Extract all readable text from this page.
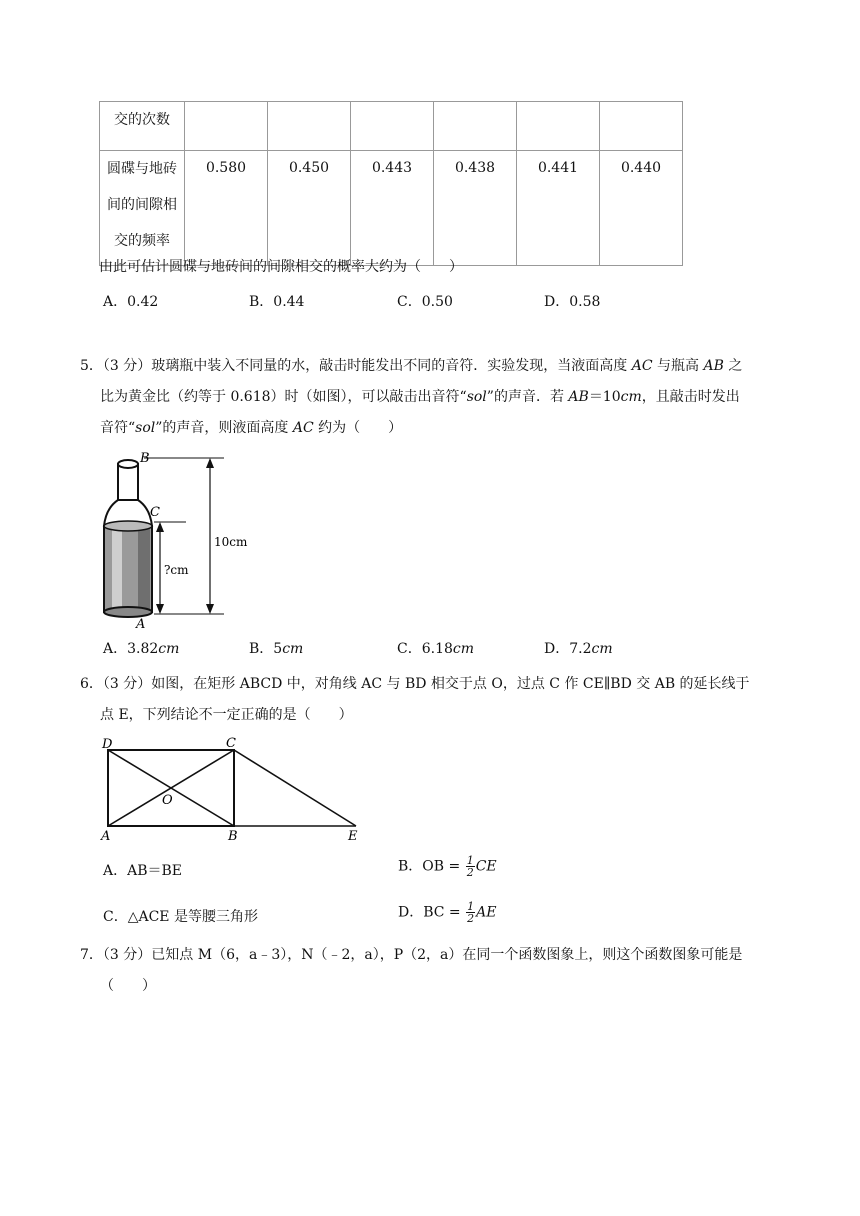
交的次数						

圆碟与地砖
间的间隙相
交的频率	0.580	0.450	0.443	0.438	0.441	0.440
由此可估计圆碟与地砖间的间隙相交的概率大约为（　　）
A．0.42	B．0.44	C．0.50	D．0.58
5．（3 分）玻璃瓶中装入不同量的水，敲击时能发出不同的音符．实验发现，当液面高度 AC 与瓶高 AB 之
比为黄金比（约等于 0.618）时（如图），可以敲击出音符“sol”的声音．若 AB＝10cm，且敲击时发出
音符“sol”的声音，则液面高度 AC 约为（　　）
B
C
A
10cm
?cm
A．3.82cm	B．5cm	C．6.18cm	D．7.2cm
6．（3 分）如图，在矩形 ABCD 中，对角线 AC 与 BD 相交于点 O，过点 C 作 CE∥BD 交 AB 的延长线于
点 E，下列结论不一定正确的是（　　）
D	C
O
A	B	E
A．AB＝BE	B．OB = $\frac{1}{2}$ CE
C．△ACE 是等腰三角形	D．BC = $\frac{1}{2}$ AE
7．（3 分）已知点 M（6，a﹣3），N（﹣2，a），P（2，a）在同一个函数图象上，则这个函数图象可能是
（　　）
